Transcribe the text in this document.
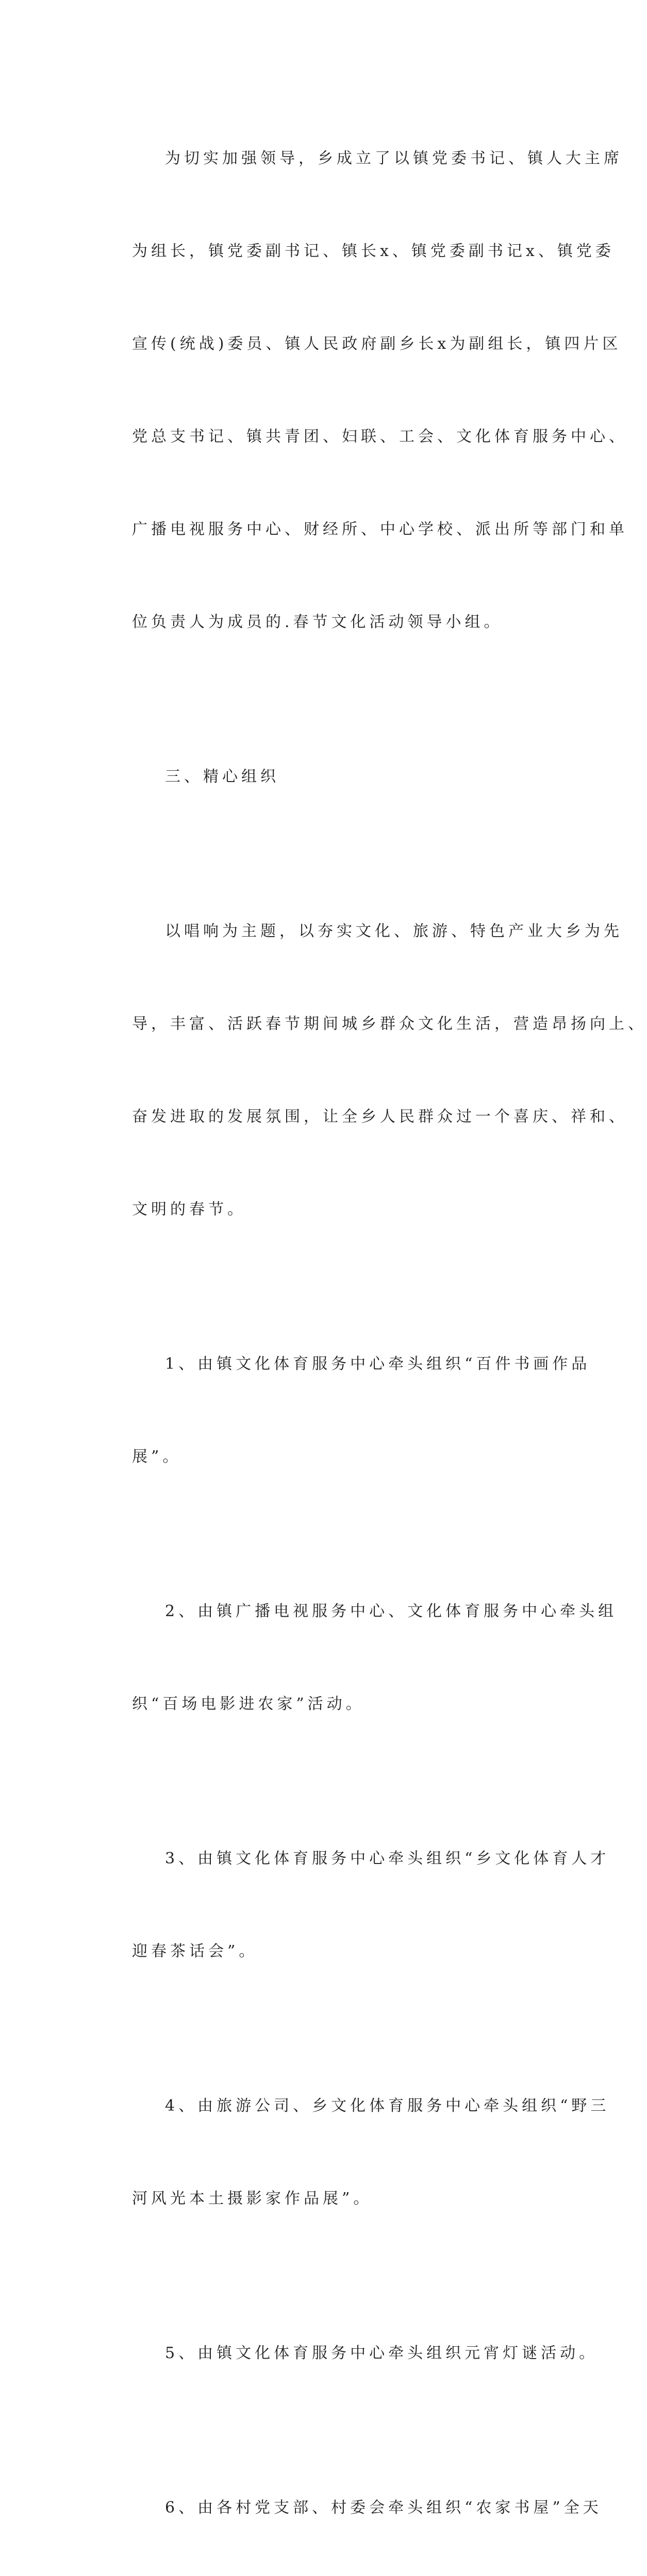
为切实加强领导，乡成立了以镇党委书记、镇人大主席

为组长，镇党委副书记、镇长x、镇党委副书记x、镇党委

宣传(统战)委员、镇人民政府副乡长x为副组长，镇四片区

党总支书记、镇共青团、妇联、工会、文化体育服务中心、

广播电视服务中心、财经所、中心学校、派出所等部门和单

位负责人为成员的.春节文化活动领导小组。

三、精心组织

以唱响为主题，以夯实文化、旅游、特色产业大乡为先

导，丰富、活跃春节期间城乡群众文化生活，营造昂扬向上、

奋发进取的发展氛围，让全乡人民群众过一个喜庆、祥和、

文明的春节。

1、由镇文化体育服务中心牵头组织“百件书画作品

展”。

2、由镇广播电视服务中心、文化体育服务中心牵头组

织“百场电影进农家”活动。

3、由镇文化体育服务中心牵头组织“乡文化体育人才

迎春茶话会”。

4、由旅游公司、乡文化体育服务中心牵头组织“野三

河风光本土摄影家作品展”。

5、由镇文化体育服务中心牵头组织元宵灯谜活动。

6、由各村党支部、村委会牵头组织“农家书屋”全天
